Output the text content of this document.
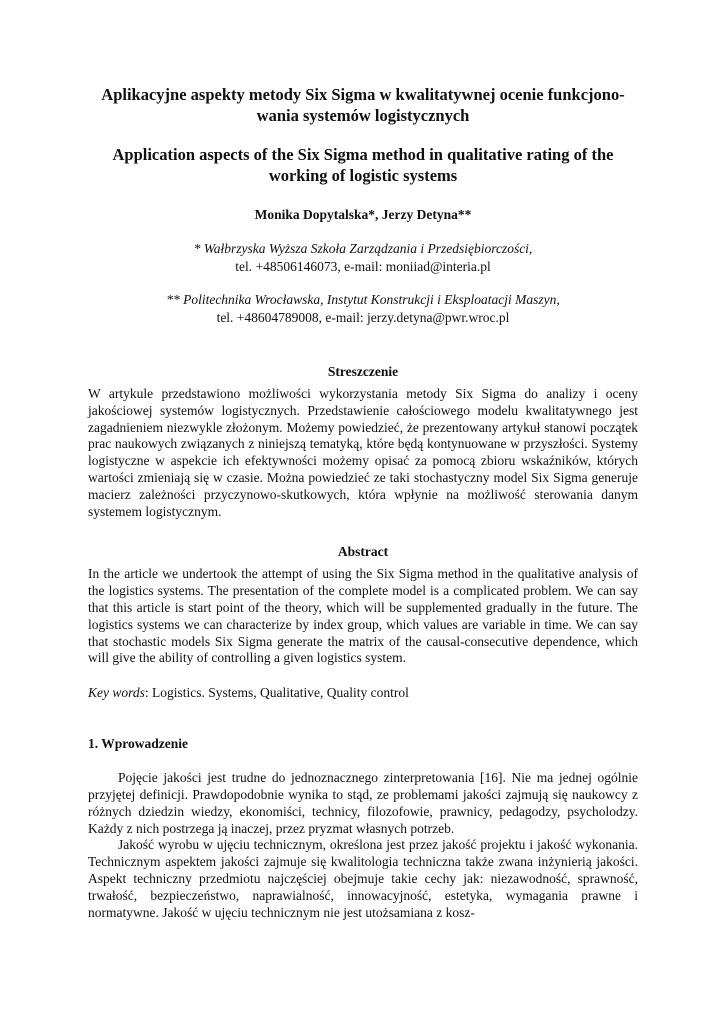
Aplikacyjne aspekty metody Six Sigma w kwalitatywnej ocenie funkcjono-wania systemów logistycznych
Application aspects of the Six Sigma method in qualitative rating of the working of logistic systems

Monika Dopytalska*, Jerzy Detyna**

* Wałbrzyska Wyższa Szkoła Zarządzania i Przedsiębiorczości,
tel. +48506146073, e-mail: moniiad@interia.pl

** Politechnika Wrocławska, Instytut Konstrukcji i Eksploatacji Maszyn,
tel. +48604789008, e-mail: jerzy.detyna@pwr.wroc.pl

Streszczenie

W artykule przedstawiono możliwości wykorzystania metody Six Sigma do analizy i oceny jakościowej systemów logistycznych. Przedstawienie całościowego modelu kwalitatywnego jest zagadnieniem niezwykle złożonym. Możemy powiedzieć, że prezentowany artykuł stanowi początek prac naukowych związanych z niniejszą tematyką, które będą kontynuowane w przyszłości. Systemy logistyczne w aspekcie ich efektywności możemy opisać za pomocą zbioru wskaźników, których wartości zmieniają się w czasie. Można powiedzieć ze taki stochastyczny model Six Sigma generuje macierz zależności przyczynowo-skutkowych, która wpłynie na możliwość sterowania danym systemem logistycznym.

Abstract

In the article we undertook the attempt of using the Six Sigma method in the qualitative analysis of the logistics systems. The presentation of the complete model is a complicated problem. We can say that this article is start point of the theory, which will be supplemented gradually in the future. The logistics systems we can characterize by index group, which values are variable in time. We can say that stochastic models Six Sigma generate the matrix of the causal-consecutive dependence, which will give the ability of controlling a given logistics system.

Key words: Logistics. Systems, Qualitative, Quality control

1. Wprowadzenie

Pojęcie jakości jest trudne do jednoznacznego zinterpretowania [16]. Nie ma jednej ogólnie przyjętej definicji. Prawdopodobnie wynika to stąd, ze problemami jakości zajmują się naukowcy z różnych dziedzin wiedzy, ekonomiści, technicy, filozofowie, prawnicy, pedagodzy, psycholodzy. Każdy z nich postrzega ją inaczej, przez pryzmat własnych potrzeb.

Jakość wyrobu w ujęciu technicznym, określona jest przez jakość projektu i jakość wykonania. Technicznym aspektem jakości zajmuje się kwalitologia techniczna także zwana inżynierią jakości. Aspekt techniczny przedmiotu najczęściej obejmuje takie cechy jak: niezawodność, sprawność, trwałość, bezpieczeństwo, naprawialność, innowacyjność, estetyka, wymagania prawne i normatywne. Jakość w ujęciu technicznym nie jest utożsamiana z kosz-
